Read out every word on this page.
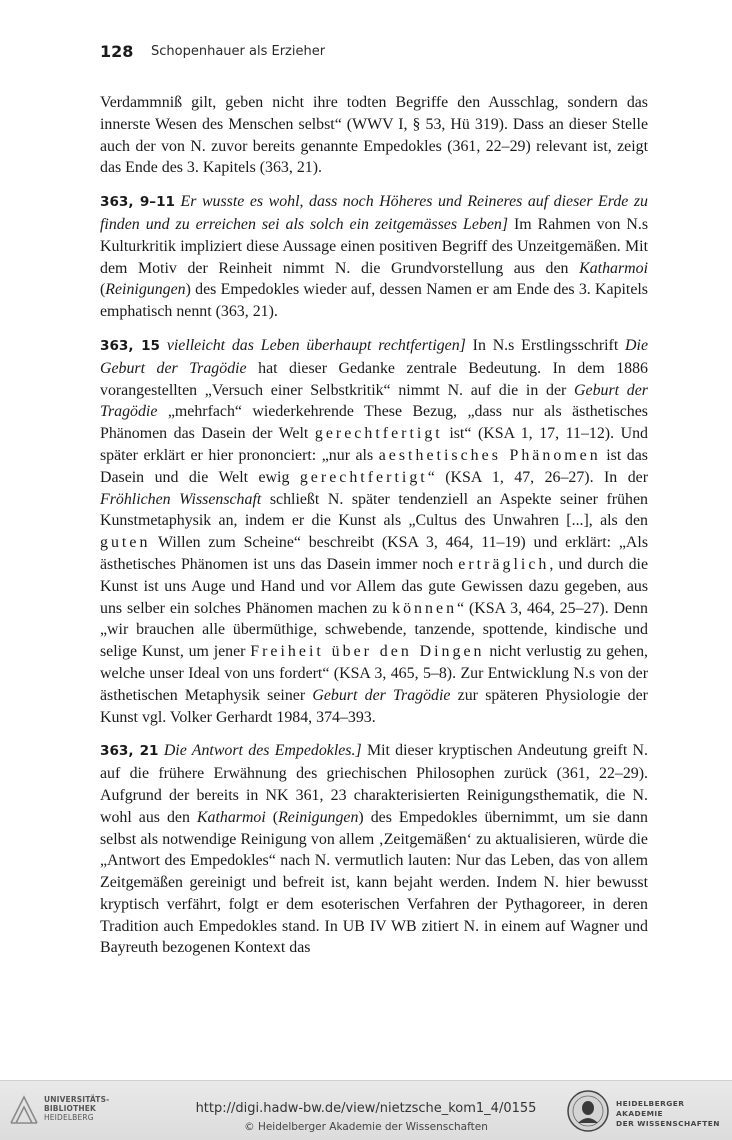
128 Schopenhauer als Erzieher

Verdammniß gilt, geben nicht ihre todten Begriffe den Ausschlag, sondern das innerste Wesen des Menschen selbst“ (WWV I, § 53, Hü 319). Dass an dieser Stelle auch der von N. zuvor bereits genannte Empedokles (361, 22–29) relevant ist, zeigt das Ende des 3. Kapitels (363, 21).

363, 9–11 Er wusste es wohl, dass noch Höheres und Reineres auf dieser Erde zu finden und zu erreichen sei als solch ein zeitgemässes Leben] Im Rahmen von N.s Kulturkritik impliziert diese Aussage einen positiven Begriff des Unzeitgemäßen. Mit dem Motiv der Reinheit nimmt N. die Grundvorstellung aus den Katharmoi (Reinigungen) des Empedokles wieder auf, dessen Namen er am Ende des 3. Kapitels emphatisch nennt (363, 21).

363, 15 vielleicht das Leben überhaupt rechtfertigen] In N.s Erstlingsschrift Die Geburt der Tragödie hat dieser Gedanke zentrale Bedeutung. In dem 1886 vorangestellten „Versuch einer Selbstkritik“ nimmt N. auf die in der Geburt der Tragödie „mehrfach“ wiederkehrende These Bezug, „dass nur als ästhetisches Phänomen das Dasein der Welt gerechtfertigt ist“ (KSA 1, 17, 11–12). Und später erklärt er hier prononciert: „nur als aesthetisches Phänomen ist das Dasein und die Welt ewig gerechtfertigt“ (KSA 1, 47, 26–27). In der Fröhlichen Wissenschaft schließt N. später tendenziell an Aspekte seiner frühen Kunstmetaphysik an, indem er die Kunst als „Cultus des Unwahren [...], als den guten Willen zum Scheine“ beschreibt (KSA 3, 464, 11–19) und erklärt: „Als ästhetisches Phänomen ist uns das Dasein immer noch erträglich, und durch die Kunst ist uns Auge und Hand und vor Allem das gute Gewissen dazu gegeben, aus uns selber ein solches Phänomen machen zu können“ (KSA 3, 464, 25–27). Denn „wir brauchen alle übermüthige, schwebende, tanzende, spottende, kindische und selige Kunst, um jener Freiheit über den Dingen nicht verlustig zu gehen, welche unser Ideal von uns fordert“ (KSA 3, 465, 5–8). Zur Entwicklung N.s von der ästhetischen Metaphysik seiner Geburt der Tragödie zur späteren Physiologie der Kunst vgl. Volker Gerhardt 1984, 374–393.

363, 21 Die Antwort des Empedokles.] Mit dieser kryptischen Andeutung greift N. auf die frühere Erwähnung des griechischen Philosophen zurück (361, 22–29). Aufgrund der bereits in NK 361, 23 charakterisierten Reinigungsthematik, die N. wohl aus den Katharmoi (Reinigungen) des Empedokles übernimmt, um sie dann selbst als notwendige Reinigung von allem ‚Zeitgemäßen‘ zu aktualisieren, würde die „Antwort des Empedokles“ nach N. vermutlich lauten: Nur das Leben, das von allem Zeitgemäßen gereinigt und befreit ist, kann bejaht werden. Indem N. hier bewusst kryptisch verfährt, folgt er dem esoterischen Verfahren der Pythagoreer, in deren Tradition auch Empedokles stand. In UB IV WB zitiert N. in einem auf Wagner und Bayreuth bezogenen Kontext das

UNIVERSITÄTS-
BIBLIOTHEK
HEIDELBERG
http://digi.hadw-bw.de/view/nietzsche_kom1_4/0155
© Heidelberger Akademie der Wissenschaften
HEIDELBERGER AKADEMIE
DER WISSENSCHAFTEN
